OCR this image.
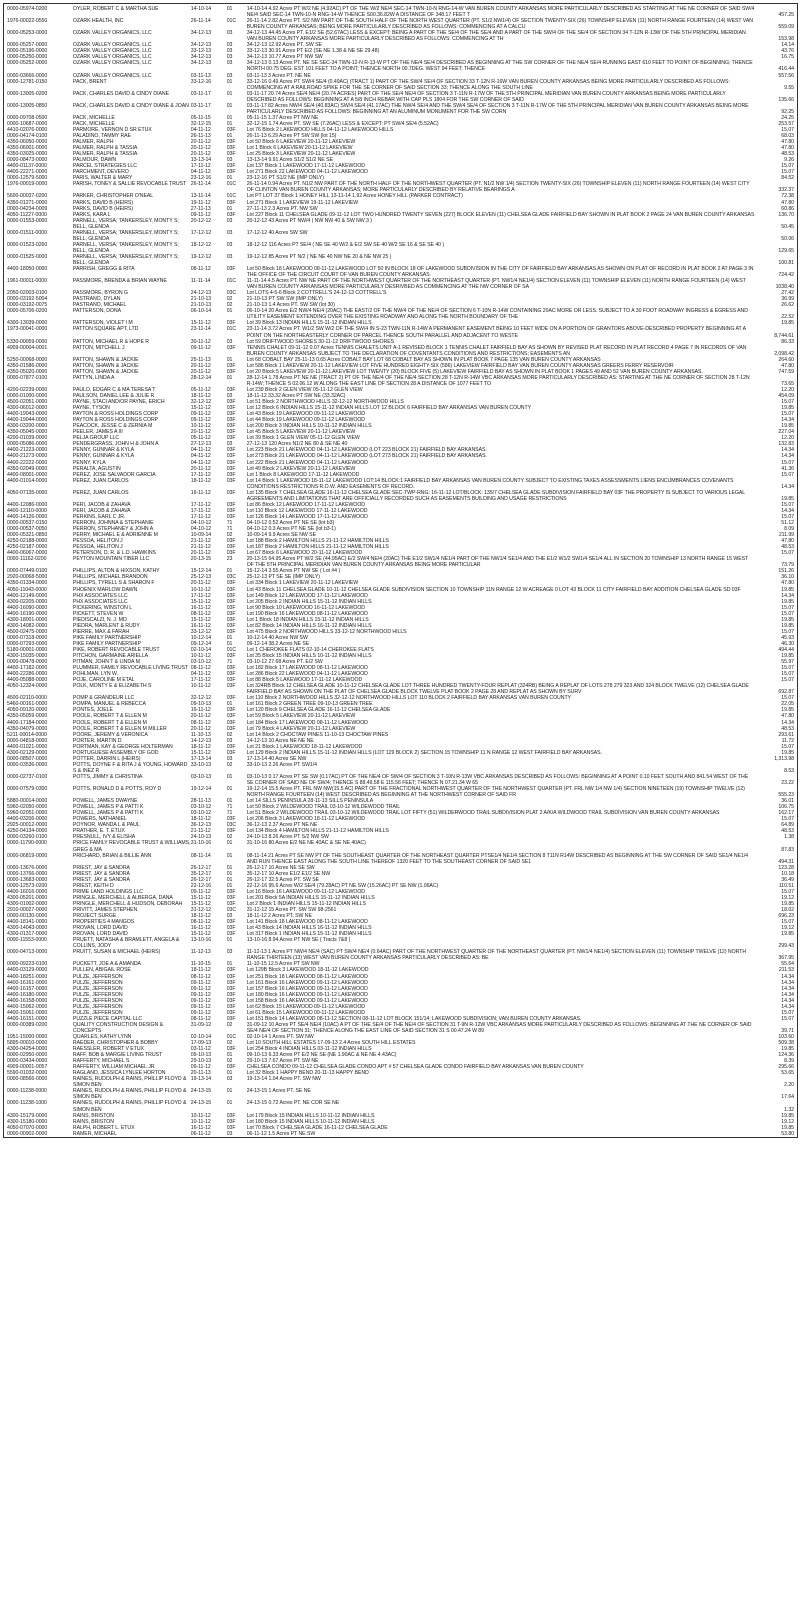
0000-05974-0200	OYLER, ROBERT C & MARTHA SUE	14-10-14	01	14-10-14 4.92 Acres PT W/2 NE (4.92AC) PT OF THE W/2 NE/4 SEC-14 TWN-10-N RNG-14-W VAN BUREN COUNTY ARKANSAS MORE PARTICULARLY DESCRIBED AS STARTING AT THE NE CORNER OF SAID SW/4 NE/4 SAID SEC-14 TWN-10-N RNG-14-W THENCE S00.36.82W A DISTANCE OF 348.17 FEET T	457.25
1976-00022-0550	OZARK HEALTH, INC	26-11-14	01C	26-11-14 2.82 Acres PT. S/2 NW PART OF THE SOUTH HALF OF THE NORTH WEST QUARTER (PT. S1/2 NW1/4) OF SECTION TWENTY-SIX (26) TOWNSHIP ELEVEN (11) NORTH RANGE FOURTEEN (14) WEST VAN BUREN COUNTY ARKANSAS; BEING MORE PARTICULARLY DESCRIBED AS FOLLOWS: COMMENCING AT A CALCU	559.09
0000-05253-0000	OZARK VALLEY ORGANICS, LLC	34-12-13	03	34-12-13 44.45 Acres PT. E1/2 SE (52.67AC) LESS & EXCEPT: BEING A PART OF THE SE/4 OF THE SE/4 AND A PART OF THE SW/4 OF THE SE/4 OF SECTION 34 T-12N R-13W OF THE 5TH PRINCIPAL MERIDIAN VAN BUREN COUNTY ARKANSAS MORE PARTICULARLY DESCRIBED AS FOLLOWS: COMMENCING AT TH	153.98
0000-05257-0000	OZARK VALLEY ORGANICS, LLC	34-12-13	03	34-12-13 12.92 Acres PT. SW SE	14.14
0000-05196-0000	OZARK VALLEY ORGANICS, LLC	33-12-13	03	33-12-13 30.91 Acres PT E/2 (SE NE 1.38 & NE SE 29.48)	43.76
0000-05250-0000	OZARK VALLEY ORGANICS, LLC	34-12-13	03	34-12-13 10.77 Acres PT NW SW	16.75
0000-05252-0000	OZARK VALLEY ORGANICS, LLC	34-12-13	03	34-12-13 0.13 Acres PT. NE SE SEC-34 TWN-12-N R-13-W PT OF THE NE/4 SE/4 DESCRIBED AS BEGINNING AT THE SW CORNER OF THE NE/4 SE/4 RUNNING EAST 610 FEET TO POINT OF BEGINNING; THENCE NORTH 00.75 DEG. EST 101 FEET TO A POINT; THENCE NORTH 00.7DEG. WEST 94 FEET; THENCE	416.44
0000-03666-0000	OZARK VALLEY ORGANICS, LLC	03-11-13	03	03-11-13 3 Acres PT. NE NE	557.56
0000-12781-0150	PACK, BRENT	33-12-16	01	33-12-16 0.49 Acres PT SW/4 SE/4 (0.49AC) (TRACT 1) PART OF THE SW/4 SE/4 OF SECTION 33 T-12N R-16W VAN BUREN COUNTY ARKANSAS BEING MORE PARTICULARLY DESCRIBED AS FOLLOWS: COMMENCING AT A RAILROAD SPIKE FOR THE SE CORNER OF SAID SECTION 33; THENCE ALONG THE SOUTH LINE	9.55
0000-13005-0200	PACK, CHARLES DAVID & CINDY DIANE	03-11-17	01	03-11-17 20.74 Acres SE/4 NE/4 (20.74 ACRES) PART OF THE SE/4 NE/4 OF SECTION 3 T-11N R-17W OF THE 5TH PRINCIPAL MERIDIAN VAN BUREN COUNTY ARKANSAS BEING MORE PARTICULARLY DESCRIBED AS FOLLOWS: BEGINNING AT A 5/8 INCH REBAR WITH CAP PLS 1804 FOR THE SW CORNER OF SAID	135.66
0000-13005-0850	PACK, CHARLES DAVID & CINDY DIANE & JOAN 03-11-17	01	03-11-17 82 Acres NW/4 SE/4 (40.83AC) SW/4 SE/4 (41.17AC) THE NW/4 SE/4 AND THE SW/4 SE/4 OF SECTION 3 T-11N R-17W OF THE 5TH PRINCIPAL MERIDIAN VAN BUREN COUNTY ARKANSAS BEING MORE PARTICULARLY DESCRIBED AS FOLLOWS: BEGINNING AT AN ALUMINUM MONUMENT FOR THE SW CORN	92.25
0000-09708-0500	PACK, MICHELLE	05-11-15	01	05-11-15 1.37 Acres PT NW NE	24.25
0000-10687-0000	PACK, MICHELLE	32-12-15	01	32-12-15 1.74 Acres PT. SW SE (7.26AC) LESS & EXCEPT: PT SW/4 SE/4 (5.52AC)	253.57
4410-02076-0000	PARMORE, VERNON D SR ETUX	04-11-12	03F	Lot 76 Block 2 LAKEWOOD HILLS 04-11-12 LAKEWOOD HILLS	15.07
0000-04174-0100	PALADINO, TAMMY RAE	26-11-13	01	26-11-13 6.29 Acres PT SW SW (lot 15)	68.03
4350-06050-0000	PALMER, RALPH	20-11-12	03F	Lot 50 Block 6 LAKEVIEW 20-11-12 LAKEVIEW	47.80
4350-06001-0000	PALMER, RALPH & TASSIA	20-11-12	03F	Lot 1 Block 6 LAKEVIEW 20-11-12 LAKEVIEW	47.80
4350-03025-0000	PALMER, RALPH & TASSIA	20-11-12	03F	Lot 25 Block 3 LAKEVIEW 20-11-12 LAKEVIEW	48.53
0000-08473-0000	PALMOUR, DAWN	13-13-14	03	13-13-14 9.91 Acres S1/2 S1/2 NE SE	9.26
4400-01137-0000	PARCEL STRATEGIES LLC	17-11-12	03F	Lot 137 Block 1 LAKEWOOD 17-11-12 LAKEWOOD	15.07
4400-22271-0000	PARCHMENT, DEVERO	04-11-12	03F	Lot 271 Block 22 LAKEWOOD 04-11-12 LAKEWOOD	15.07
0000-12579-5000	PARIS, WALTER & MARY	23-12-16	01	23-12-16 PT S1/2 NE (IMP ONLY)	84.52
1976-00019-0000	PARISH, TONEY & SALLIE REVOCABLE TRUST 26-11-14	01C	26-11-14 0.94 Acres PT. N1/2 NW PART OF THE NORTH HALF OF THE NORTHWEST QUARTER (PT. N1/2 NW 1/4) SECTION TWENTY-SIX (26) TOWNSHIP ELEVEN (11) NORTH RANGE FOURTEEN (14) WEST CITY OF CLINTON VAN BUREN COUNTY ARKANSAS; MORE PARTICULARLY DESCRIBED BY RELATIVE BEARINGS A	332.37
5600-00037-0200	PARKER, CHRISTOPHER O'NEAL	13-11-14	01C	Lot PT LOT 37 Block 1 HONEY HILL 13-11-14 1.92 Acres HONEY HILL (PARKER CONTRACT)	72.38
4350-01271-0000	PARKS, DAVID B (HEIRS)	19-11-12	03F	Lot 271 Block 1 LAKEVIEW 19-11-12 LAKEVIEW	47.80
0000-04234-0009	PARKS, DAVID B (HEIRS)	27-11-13	01	27-11-13 2.3 Acres PT. NW SW	60.86
4050-11227-0000	PARKS, KARA L	09-11-12	03F	Lot 227 Block 11 CHELSEA GLADE 09-11-12 LOT TWO HUNDRED TWENTY SEVEN (227) BLOCK ELEVEN (11) CHELSEA GLADE FAIRFIELD BAY SHOWN IN PLAT BOOK 2 PAGE 24 VAN BUREN COUNTY ARKANSAS	136.70
0000-01553-0000	PARNELL, VERSA; TANKERSLEY, MONTY S; BELL, GLENDA
20-12-12	03	20-12-12 43 Acres PT NW/4 ( NW NW 40 & SW NW 3 )
50.45
0000-01511-0000	PARNELL, VERSA; TANKERSLEY, MONTY S; BELL, GLENDA
17-12-12	03	17-12-12 40 Acres SW SW
50.06
0000-01523-0260	PARNELL, VERSA; TANKERSLEY, MONTY S; BELL, GLENDA
18-12-12	03	18-12-12 116 Acres PT SE/4 ( NE SE 40 W/2 & E/2 SW SE 40 W/2 SE 16 & SE SE 40 )
129.65
0000-01525-0000	PARNELL, VERSA; TANKERSLEY, MONTY S; BELL, GLENDA
19-12-12	03	19-12-12 85 Acres PT N/2 ( NE NE 40 NW NE 20 & NE NW 25 )
100.81
4400-18050-0000	PARRISH, GREGG & RITA	08-11-12	03F	Lot 50 Block 18 LAKEWOOD 08-11-12 LAKEWOOD LOT 50 IN BLOCK 18 OF LAKEWOOD SUBDIVISION IN THE CITY OF FAIRFIELD BAY ARKANSAS AS SHOWN ON PLAT OF RECORD IN PLAT BOOK 2 AT PAGE 3 IN THE OFFICE OF THE CIRCUIT COURT OF VAN BUREN COUNTY ARKANSAS.	724.42
1961-00011-0000	PASSMORE, BRENDA & BRIAN WAYNE	11-11-14	01C	11-11-14 4.5 Acres PT. NW NE PART OF THE NORTHWEST QUARTER OF THE NORTHEAST QUARTER (PT. NW1/4 NE1/4) SECTION ELEVEN (11) TOWNSHIP ELEVEN (11) NORTH RANGE FOURTEEN (14) WEST VAN BUREN COUNTY ARKANSAS MORE PARTICULARLY DESRIVBED AS COMMENCING AT THE NW CORNER OF SA	1038.40
2050-02003-0100	PASSMORE, BYRON G	24-12-13	03C	Lot LOTS 4-5-6 Block 2 COTTRELL'S 24-12-13 COTTRELL'S	27.42
0000-03192-5004	PASTRANO, DYLAN	21-10-13	02	21-10-13 PT SW SW (IMP ONLY)	36.99
0000-03192-0075	PASTRANO, MICHAEL	21-10-13	02	21-10-13 1.4 Acres PT. SW SW (lot 30)	26.62
0000-05706-0200	PATTERSON, DONA	06-10-14	01	06-10-14 20 Acres E/2 NW/4 NE/4 (20AC) THE EAST/2 OF THE NW/4 OF THE NE/4 OF SECTION 6 T-10N R-14W CONTAINING 20AC MORE OR LESS. SUBJECT TO A 30 FOOT ROADWAY INGRESS & EGRESS AND UTILITY EASEMENT EXTENDING OVER THE EXISTING ROADWAY AND ALONG THE NORTH BOUNDARY OF THE	22.52
4300-13039-0000	PATTERSON, VIOLET I M	15-11-12	03F	Lot 39 Block 13 INDIAN HILLS 15-11-12 INDIAN HILLS	19.85
1973-00041-0000	PATTON SQUARE APT, LTD	23-11-14	01C	23-11-14 3.72 Acres PT. W1/2 SW W/2 OF THE SW/4 IN S-23 TWN-11N R-14W A PERMANENT EASEMENT BEING 10 FEET WIDE ON A PORTION OF GRANTORS ABOVE-DESCRIBED PROPERTY BEGINNING AT A POINT ON THE NORTHEASTERLY CORNER OF PARCEL THENCE SOUTH PARALLEL AND ADJACENT TO WESTE	8,744.61
5330-00059-0000	PATTON, MICHAEL R & HOPE R	30-11-12	03	Lot 59 DRIFTWOOD SHORES 30-11-12 DRIFTWOOD SHORES	86.33
4909-00004-0001	PATTON, MITCHELL J	09-11-12	03F	TENNIS CHALET 09-11-12 0.07 Acres TENNIS CHALETS UNIT A-1 REVISED BLOCK 1 TENNIS CHALET FAIRFIELD BAY AS SHOWN BY REVISED PLAT RECORD IN PLAT RECORD 4 PAGE 7 IN RECORDS OF VAN BUREN COUNTY ARKANSAS SUBJECT TO THE DECLARATION OF COVENTANTS CONDITIONS AND RESTRICTIONS; EASEMENTS AN	2,098.42
5250-00068-0000	PATTON, SHAWN & JACKIE	25-11-13	01	Lot 68 COBALT BAY 25-11-13 0.65 Acres COBALT BAY LOT 68 COBALT BAY AS SHOWN IN PLAT BOOK 7 PAGE 135 VAN BUREN COUNTY ARKANSAS	264.60
4350-01586-0000	PATTON, SHAWN & JACKIE	20-11-12	03F	Lot 586 Block 1 LAKEVIEW 20-11-12 LAKEVIEW LOT FIVE HUNDRED EIGHTY-SIX (586) LAKEVIEW FAIRFIELD BAY VAN BUREN COUNTY ARKANSAS GREERS FERRY RESERVOIR	47.80
4350-05020-0000	PATTON, SHAWN & JACKIE	20-11-12	03F	Lot 20 Block 5 LAKEVIEW 20-11-12 LAKEVIEW LOT TWENTY (20) BLOCK FIVE (5) LAKEVIEW FAIRFIELD BAY AS SHOWN IN PLAT BOOK 1 PAGES 49 AND 52 VAN BUREN COUNTY ARKANSAS.	747.59
0000-07877-0100	PATTYN, LINDA A	28-12-14	01	28-12-14 1.78 Acres PT NE NE (TRACT 2) PT OF THE NE/4 OF THE NE/4 SECTION 28 T-12N R-14W VBC ARKANSAS MORE PARTICULARLY DESCRIBED AS: STARTING AT THE NE CORNER OF SECTION 28 T-12N R-14W; THENCE S 02.06.12 W ALONG THE EAST LINE OF SECTION 28 A DISTANCE OF 1077 FEET TO	73.65
4200-02239-0000	PAULO, EDGAR C & MA TERESA T	05-11-12	03F	Lot 239 Block 2 GLEN VIEW 05-11-12 GLEN VIEW	12.20
0000-01000-0000	PAULSON, DANIEL LEE & JULIE R	18-11-12	03	18-11-12 33.32 Acres PT SW NE (33.32AC)	454.09
4500-02051-0000	PAYNE, STACI AND/OR PAYNE, ERICH	32-12-12	03F	Lot 51 Block 2 NORTHWOOD HILLS 32-12-12 NORTHWOOD HILLS	15.07
4300-06012-0000	PAYNE, TYSON	15-11-12	03F	Lot 12 Block 6 INDIAN HILLS 15-11-12 INDIAN HILLS LOT 12 BLOCK 6 FAIRFIELD BAY ARKANSAS VAN BUREN COUNTY	19.85
4400-19043-0000	PAYTON & ROSS HOLDINGS CORP	09-11-12	03F	Lot 43 Block 19 LAKEWOOD 09-11-12 LAKEWOOD	15.07
4400-19044-0000	PAYTON & ROSS HOLDINGS CORP	09-11-12	03F	Lot 44 Block 19 LAKEWOOD 09-11-12 LAKEWOOD	14.34
4300-03200-0000	PEACOCK, JESSE C & ZERNIA M	10-11-12	03F	Lot 200 Block 3 INDIAN HILLS 10-11-12 INDIAN HILLS	19.85
4350-05045-0000	PEELER, JAMES A III	20-11-12	03F	Lot 45 Block 5 LAKEVIEW 20-11-12 LAKEVIEW	227.04
4200-01039-0000	PELJA GROUP LLC	05-11-12	03F	Lot 39 Block 1 GLEN VIEW 05-11-12 GLEN VIEW	12.20
0000-05086-0000	PENDERGRASS, JOHN H & JOHN A	27-12-13	03	27-12-13 120 Acres N1/2 NE 80 & SE NE 40	132.83
4400-21223-0000	PENNY, GUNNAR & KYLA	04-11-12	03F	Lot 223 Block 21 LAKEWOOD 04-11-12 LAKEWOOD (LOT 223 BLOCK 21) FAIRFIELD BAY ARKANSAS.	14.34
4400-21273-0000	PENNY, GUNNAR & KYLA	04-11-12	03F	Lot 273 Block 21 LAKEWOOD 04-11-12 LAKEWOOD (LOT 273 BLOCK 21) FAIRFIELD BAY ARKANSAS.	14.34
4400-22222-0000	PENNY, KYLA	04-11-12	03F	Lot 222 Block 21 LAKEWOOD 04-11-12 LAKEWOOD	15.07
4350-02049-0000	PERALTA, AGUSTIN	20-11-12	03F	Lot 49 Block 2 LAKEVIEW 20-11-12 LAKEVIEW	41.36
4400-08001-0000	PEREZ, JOSE SALVADOR GARCIA	17-11-12	03F	Lot 1 Block 8 LAKEWOOD 17-11-12 LAKEWOOD	15.07
4400-01014-0000	PEREZ, JUAN CARLOS	18-11-12	03F	Lot 14 Block 1 LAKEWOOD 18-11-12 LAKEWOOD LOT:14 BLOCK:1 FAIRFIELD BAY ARKANSAS VAN BUREN COUNTY SUBJECT TO EXISTING TAXES ASSESSMENTS LIENS ENCUMBRANCES COVENANTS CONDITIONS RESTRICTIONS R.O.W. AND EASEMENTS OF RECORD.	14.34
4050-07135-0000	PEREZ, JUAN CARLOS	16-11-12	03F	Lot 135 Block 7 CHELSEA GLADE 16-11-12 CHELSEA GLADE SEC-TWP-RNG: 16-11-12 LOT/BLOCK: 135/7 CHELSEA GLADE SUBDIVISION FAIRFIELD BAY 03F THE PROPERTY IS SUBJECT TO VARIOUS LEGAL AGREEMENTS AND LIMITATIONS THAT ARE OFFICIALLY RECORDED SUCH AS EASEMENTS BUILDING AND USAGE RESTRICTIONS	19.85
4400-12086-0000	PERI, JACOB & ZAHAVA	17-11-12	03F	Lot 86 Block 12 LAKEWOOD 17-11-12 LAKEWOOD	15.07
4400-12110-0000	PERI, JACOB & ZAHAVA	17-11-12	03F	Lot 110 Block 12 LAKEWOOD 17-11-12 LAKEWOOD	14.34
4400-14126-0000	PERKINS, EARL C JR.	17-11-12	03F	Lot 126 Block 14 LAKEWOOD 17-11-12 LAKEWOOD	15.07
0000-00537-0150	PERRON, JOHNNA & STEPHANIE	04-10-12	71	04-10-12 0.52 Acres PT NE SE (lot b3)	51.12
0000-00537-0050	PERRON, STEPHANEY & JOHN A	04-10-12	71	04-10-12 0.3 Acres PT NE SE (lot b3-1)	8.09
0000-05321-0850	PERRY, MICHAEL E & ADRIENNE M	10-09-14	02	10-09-14 9.9 Acres SE NW SE	211.99
4250-02188-0000	PESSOA, HELITON J	21-11-12	03F	Lot 188 Block 2 HAMILTON HILLS 21-11-12 HAMILTON HILLS	47.80
4250-02187-0000	PESSOA, HELITON J	21-11-12	03F	Lot 187 Block 2 HAMILTON HILLS 21-11-12 HAMILTON HILLS	48.53
4400-06067-0000	PETERSON, D. R. & L.D. HAWKINS	20-11-12	03F	Lot 67 Block 6 LAKEWOOD 20-11-12 LAKEWOOD	15.07
0000-11162-0200	PEYTON MOUNTAIN TIBER LLC	20-13-15	23	20-13-15 64.95 Acres PT W/2 SE (44.95AC) E/2 SW/4 NE/4 (20AC) THE E1/2 SW1/4 NE1/4 PART OF THE NW1/4 SE1/4 AND THE E1/2 W1/2 SW1/4 SE1/4 ALL IN SECTION 20 TOWNSHIP 13 NORTH RANGE 15 WEST OF THE 5TH PRINCIPAL MERIDIAN VAN BUREN COUNTY ARKANSAS BEING MORE PARTICULAR	73.79
0000-07449-0100	PHILLIPS, ALTON & HIXSON, KATHY	15-12-14	01	15-12-14 3.55 Acres PT NW SE ( Lot #4 )	151.26
2920-00068-5000	PHILLIPS, MICHAEL BRANDON	25-12-13	03C	25-12-13 PT SE SE (IMP ONLY)	36.10
4350-01334-0000	PHILLIPS, TYRELL S & SHARON F	20-11-12	03F	Lot 334 Block 1 LAKEVIEW 20-11-12 LAKEVIEW	47.80
4050-11043-0000	PHOENIX MARLOW DAWN	10-11-12	03F	Lot 43 Block 11 CHELSEA GLADE 10-11-12 CHELSEA GLADE SUBDIVISION SECTION 10 TOWNSHIP 11N RANGE 12 W ACREAGE 0 LOT 43 BLOCK 11 CITY FAIRFIELD BAY ADDITION CHELSEA GLADE SD 03F	19.85
4400-12149-0000	PHX ASSOCIATES LLC	17-11-12	03F	Lot 149 Block 12 LAKEWOOD 17-11-12 LAKEWOOD	14.34
4300-02205-0000	PHX ASSOCIATES LLC	15-11-12	03F	Lot 205 Block 2 INDIAN HILLS 15-11-12 INDIAN HILLS	19.85
4400-16090-0000	PICKERING, WINSTON L	16-11-12	03F	Lot 90 Block 10 LAKEWOOD 16-11-12 LAKEWOOD	15.07
4400-16190-0000	PICKETT, STEVEN W	08-11-12	03F	Lot 190 Block 16 LAKEWOOD 08-11-12 LAKEWOOD	15.07
4300-18001-0000	PIEDISCALZI, N. J. MD	15-11-12	03F	Lot 1 Block 18 INDIAN HILLS 15-11-12 INDIAN HILLS	19.85
4300-14082-0000	PIEDRA, MARLENT & RUDY	16-11-12	03F	Lot 82 Block 14 INDIAN HILLS 16-11-12 INDIAN HILLS	19.85
4500-02475-0000	PIERRE, MAX & FARAH	33-12-12	03F	Lot 475 Block 2 NORTHWOOD HILLS 33-12-12 NORTHWOOD HILLS	15.07
0000-07318-0000	PIKE FAMILY PARTNERSHIP	10-12-14	01	10-12-14 40 Acres NW SW	45.93
0000-07293-0000	PIKE FAMILY PARTNERSHIP	09-12-14	01	09-12-14 38.2 Acres NE SE	46.30
5180-00001-0000	PIKE, ROBERT REVOCABLE TRUST	02-10-14	01C	Lot 1 CHEROKEE FLATS 02-10-14 CHEROKEE FLATS	494.44
4300-15035-0000	PITCHON, GARMAINE ARIELLA	10-11-12	03F	Lot 35 Block 15 INDIAN HILLS 10-11-12 INDIAN HILLS	19.85
0000-00478-0000	PITMAN, JOHN T & LINDA M	03-10-12	71	03-10-12 27.68 Acres PT. E/2 SW	55.97
4400-17182-0000	PLUMMER, FAMILY REVOCABLE LIVING TRUST 08-11-12	03F	Lot 182 Block 17 LAKEWOOD 08-11-12 LAKEWOOD	15.07
4400-22286-0000	POHLMAN, LYN W.	04-11-12	03F	Lot 286 Block 22 LAKEWOOD 04-11-12 LAKEWOOD	15.07
4400-05088-0000	POJE, CAROLINE M ETAL	17-11-12	03F	Lot 88 Block 5 LAKEWOOD 17-11-12 LAKEWOOD	15.07
4050-12324-0000	POLK, MONTY E & ELIZABETH S	10-11-12	03F	Lot 324RB Block 12 CHELSEA GLADE 10-11-12 CHELSEA GLADE LOT THREE HUNDRED TWENTY-FOUR REPLAT (324RB) BEING A REPLAT OF LOTS 278 279 323 AND 324 BLOCK TWELVE (12) CHELSEA GLADE FAIRFIELD BAY AS SHOWN ON THE PLAT OF CHELSEA GLADE BLOCK TWELVE PLAT BOOK 2 PAGE 28 AND REPLAT AS SHOWN BY SURV	692.87
4500-02110-0000	POMP & GRANDEUR LLC	32-12-12	03F	Lot 110 Block 2 NORTHWOOD HILLS 32-12-12 NORTHWOOD HILLS LOT 110 BLOCK 2 FAIRFIELD BAY ARKANSAS VAN BUREN COUNTY	15.07
5460-00161-0000	POMPA, MANUEL & REBECCA	09-10-13	01	Lot 161 Block 2 GREEN TREE 09-10-13 GREEN TREE	22.05
4050-09120-0000	PONTES, JOELE	16-11-12	03F	Lot 120 Block 9 CHELSEA GLADE 16-11-12 CHELSEA GLADE	19.85
4350-05059-0000	POOLE, ROBERT T & ELLEN M	20-11-12	03F	Lot 59 Block 5 LAKEVIEW 20-11-12 LAKEVIEW	47.80
4400-17184-0000	POOLE, ROBERT T & ELLEN M	08-11-12	03F	Lot 184 Block 17 LAKEWOOD 08-11-12 LAKEWOOD	14.34
4350-04079-0000	POOLE, ROBERT T & ELLEN M MILLER	20-11-12	03F	Lot 79 Block 4 LAKEVIEW 20-11-12 LAKEVIEW	48.53
5211-00014-0000	POORE, JEREMY & VERONICA	11-10-13	02	Lot 14 Block 2 CHOCTAW PINES 11-10-13 CHOCTAW PINES	293.61
0000-04818-0000	PORTER, MARTIN D	14-12-13	03	14-12-13 10 Acres NE NE NE	11.72
4400-01021-0000	PORTMAN, KAY & GEORGE HOLTERMAN	18-11-12	03F	Lot 21 Block 1 LAKEWOOD 18-11-12 LAKEWOOD	15.07
4300-02129-0000	PORTUGUESE ASSEMBLY OF GOD	15-11-12	03F	Lot 129 Block 2 INDIAN HILLS 15-11-12 INDIAN HILLS (LOT 129 BLOCK 2) SECTION 15 TOWNSHIP 11 N RANGE 12 WEST FAIRFIELD BAY ARKANSAS.	19.85
0000-08507-0000	POTTER, DARRIN L (HEIRS)	17-13-14	03	17-13-14 40 Acres SE NW	1,313.98
0000-03536-0000	POTTS, DOYNE F & RITA J & YOUNG, HOWARD S & INEZ R
33-10-13	02	33-10-13 2.26 Acres PT SW1/4
8.53
0000-02737-0100	POTTS, JIMMY & CHRISTINA	03-10-13	01	03-10-13 0.17 Acres PT SE SW (0.17AC) PT OF THE NE/4 OF SW/4 OF SECTION 3 T-10N R-13W VBC ARKANSAS DESCRIBED AS FOLLOWS: BEGINNING AT A POINT 0.10 FEET SOUTH AND 841.54 WEST OF THE SE CORNER OF SAID NE OF SW/4; THENCE S 88.49.58 E 115.56 FEET; THENCE N 07.21.34 W 65	23.22
0000-07579-0300	POTTS, RONALD D & POTTS, ROY D	19-12-14	01	19-12-14 15.5 Acres PT. FRL NW NW(15.5 AC) PART OF THE FRACTIONAL NORTHWEST QUARTER OF THE NORTHWEST QUARTER (PT. FRL NW 1/4 NW 1/4) SECTION NINETEEN (19) TOWNSHIP TWELVE (12) NORTH RANGE FOURTEEN (14) WEST DESCRIBED AS BEGINNING AT THE NORTHWEST CORNER OF SAID FR	555.23
5880-00014-0000	POWELL, JAMES DWAYNE	28-11-13	01	Lot 14 SILLS PENINSULA 28-11-13 SILLS PENINSULA	36.01
5960-02050-0000	POWELL, JAMES P & PATTI K	03-10-12	71	Lot 50 Block 2 WILDEWOOD TRAIL 03-10-12 WILDEWOOD TRAIL	106.75
5960-02051-0000	POWELL, JAMES P & PATTI K	03-10-12	71	Lot 51 Block 2 WILDEWOOD TRAIL 03-10-12 WILDEWOOD TRAIL LOT FIFTY (51) WILDERWOOD TRAIL SUBDIVISION PLAT 2 A/K/A WILDWOOD TRAIL SUBDIVISION VAN BUREN COUNTY ARKANSAS	162.17
4400-03206-0000	POWERS, NATHANIEL	18-11-12	03F	Lot 206 Block 3 LAKEWOOD 18-11-12 LAKEWOOD	15.07
2925-00012-0000	POYNOR, WANDA L & PAUL	36-12-13	03C	36-12-13 2.37 Acres PT NE NE	64.89
4250-04134-0000	PRATHER, E. T. ETUX	21-11-12	03F	Lot 134 Block 4 HAMILTON HILLS 21-11-12 HAMILTON HILLS	48.53
0000-03260-0100	PRESNULL, IVY & ELISHA	24-10-13	02	24-10-13 8.26 Acres PT S/2 NW SW	1.38
0000-11790-0000	PRICE FAMILY REVOCABLE TRUST & WILLIAMS, GREG & MA
31-10-16	01	31-10-16 80 Acres E/2 NE NE 40AC & SE NE 40AC)
87.83
0000-06819-0000	PRICHARD, BRIAN & BILLIE ANN	08-11-14	01	08-11-14 21 Acres PT SE NW PT OF THE SOUTHEAST QUARTER OF THE NORTHEAST QUARTER PTSE1/4 NE1/4 SECTION 8 T11N R14W DESCRIBED AS BEGINNING AT THE SW CORNER OF SAID SE1/4 NE1/4 AND RUN THENCE EAST ALONG THE SOUTH LINE THEREOF 1320 FEET TO THE SOUTHEAST CORNER OF SAID SE1	494.31
0000-13676-0000	PRIEST, JAY & SANDRA	26-12-17	01	26-12-17 10 Acres NE SE SW	123.28
0000-13766-0000	PRIEST, JAY & SANDRA	35-12-17	01	35-12-17 10 Acres E1/2 E1/2 SE NW	10.18
0000-13683-0000	PRIEST, JAY & SANDRA	26-12-17	01	26-12-17 32.5 Acres PT. SW SE	36.49
0000-12573-0200	PRIEST, KEITH D	22-12-16	01	22-12-16 95.6 Acres W/2 SE/4 (79.28AC) PT NE SW (15.26AC) PT SE NW (1.06AC)	110.51
4400-16016-0000	PRIME LAND HOLDINGS LLC	09-11-12	03F	Lot 16 Block 16 LAKEWOOD 09-11-12 LAKEWOOD	15.07
4300-05201-0000	PRINGLE, MERCHELL & ALBERGA, DANA	15-11-12	03F	Lot 201 Block 5A INDIAN HILLS 15-11-12 INDIAN HILLS	19.12
4300-01002-0000	PRINGLE, MERCHELL & HUDSON, DEBORAH	15-11-12	03F	Lot 2 Block 1 INDIAN HILLS 15-11-12 INDIAN HILLS	19.85
2910-00027-0000	PRIVITT, JAMES STEPHEN	31-12-12	03C	31-12-12 15 Acres PT. SW SW 98-2561	18.02
0000-00130-0000	PROJECT SURGE	18-11-12	03	18-11-12 2 Acres PT. SW NE	696.23
4400-18141-0000	PROPERTIES 4 MANGOS	08-11-12	03F	Lot 141 Block 18 LAKEWOOD 08-11-12 LAKEWOOD	15.07
4300-14043-0000	PROVAN, LORD DAVID	16-11-12	03F	Lot 43 Block 14 INDIAN HILLS 16-11-12 INDIAN HILLS	19.12
4300-01317-0000	PROVAN, LORD DAVID	15-11-12	03F	Lot 317 Block 1 INDIAN HILLS 15-11-12 INDIAN HILLS	19.85
0000-11553-0000	PRUETT, NATASHA & BRAMLETT, ANGELA & COLLINS, JODY
13-10-16	01	13-10-16 8.94 Acres PT NW SE ( Tracts 7&8 )
299.43
0000-04713-0000	PRUITT, SUSAN & MICHAEL (HEIRS)	11-12-13	03	11-12-13 1 Acres PT NW/4 NE/4 (SAC) PT SW/4 NE/4 (0.64AC) PART OF THE NORTHWEST QUARTER OF THE NORTHEAST QUARTER (PT. NW1/4 NE1/4) SECTION ELEVEN (11) TOWNSHIP TWELVE (12) NORTH RANGE THIRTEEN (13) WEST VAN BUREN COUNTY ARKANSAS PARTICULARLY DESCRIBED AS: BE	367.95
0000-09223-0100	PUCKETT, JOE A & AMANDA	11-10-15	01	11-10-15 12.5 Acres PT SW NW	55.64
4400-03129-0000	PULLEN, ABIGAIL ROSE	18-11-12	03F	Lot 129B Block 3 LAKEWOOD 18-11-12 LAKEWOOD	211.53
4400-18251-0000	PULZE, JEFFERSON	08-11-12	03F	Lot 251 Block 18 LAKEWOOD 08-11-12 LAKEWOOD	14.34
4400-16161-0000	PULZE, JEFFERSON	09-11-12	03F	Lot 161 Block 16 LAKEWOOD 09-11-12 LAKEWOOD	14.34
4400-16157-0000	PULZE, JEFFERSON	09-11-12	03F	Lot 157 Block 16 LAKEWOOD 09-11-12 LAKEWOOD	14.34
4400-16180-0000	PULZE, JEFFERSON	09-11-12	03F	Lot 180 Block 16 LAKEWOOD 09-11-12 LAKEWOOD	14.34
4400-16158-0000	PULZE, JEFFERSON	09-11-12	03F	Lot 158 Block 16 LAKEWOOD 09-11-12 LAKEWOOD	14.34
4400-15062-0000	PULZE, JEFFERSON	09-11-12	03F	Lot 62 Block 15 LAKEWOOD 09-11-12 LAKEWOOD	14.34
4400-15061-0000	PULZE, JEFFERSON	09-11-12	03F	Lot 61 Block 15 LAKEWOOD 09-11-12 LAKEWOOD	15.07
4400-16151-0000	PUZZLE PIECE CAPITAL LLC	08-11-12	03F	Lot 151 Block 14 LAKEWOOD 08-11-12 SECTION 08-11-12 LOT BLOCK 151/14; LAKEWOOD SUBDIVISION; VAN BUREN COUNTY ARKANSAS.	15.07
0000-00389-0200	QUALITY CONSTRUCTION DESIGN & CONCEPTS
31-09-12	02	31-09-12 10 Acres PT SE/4 NE/4 (10AC) A PT OF THE SE/4 OF THE NE/4 OF SECTION 31 T-9N R-12W VBC ARKANSAS MORE PARTICULARLY DESCRIBED AS FOLLOWS: BEGINNING AT THE NE CORNER OF SAID SE/4 NE/4 OF SECTION 31; THENCE ALONG THE EAST LINE OF SAID SECTION 31 S 00.47.24 W 89	39.71
1951-15000-0000	QUARLES, KATHY LYNN	02-10-14	01C	02-10-14 1 Acres PT. SW NW	103.60
5895-00010-0000	RAEDER, CHRISTOPHER & BOBBY	17-09-13	02	Lot 10 SOUTH HILL ESTATES 17-09-13 2.4 Acres SOUTH HILL ESTATES	509.38
4300-04254-0000	RAESSLER, ROBERT V ETUX	03-11-12	03F	Lot 254 Block 4 INDIAN HILLS 03-11-12 INDIAN HILLS	19.85
0000-02950-0000	RAFF, BOB & MARGIE LIVING TRUST	09-10-13	01	09-10-13 6.33 Acres PT E/2 NE SE (NE 1.90AC & NE NE 4.43AC)	124.36
0000-03434-0000	RAFFERTY, MICHAEL S	29-10-13	02	29-10-13 7.67 Acres PT SW NE	8.39
4909-00001-0057	RAFFERTY, WILLIAM MICHAEL JR	09-11-12	03F	CHELSEA CONDO 09-11-12 CHELSEA GLADE CONDO APT # 57 CHELSEA GLADE CONDO FAIRFIELD BAY ARKANSAS VAN BUREN COUNTY	295.66
5590-01032-0000	RAGLAND, JESSICA LYNLEE HORTON	20-11-13	01	Lot 32 Block 1 HAPPY BEND 20-11-13 HAPPY BEND	53.65
0000-08566-0000	RAINES, RUDOLPH & RAINS, PHILLIP FLOYD & SIMON BEN
19-13-14	03	19-13-14 1.04 Acres PT. SW NW
2.20
0000-11238-0000	RAINES, RUDOLPH & RAINS, PHILLIP FLOYD & SIMON BEN
24-13-15	01	24-13-15 1 Acres PT. SE NE
17.64
0000-11238-1000	RAINES, RUDOLPH & RAINS, PHILLIP FLOYD & SIMON BEN
24-13-15	01	24-13-15 0.72 Acres PT. NE COR SE NE
1.32
4300-15179-0000	RAINS, BRISTON	10-11-12	03F	Lot 179 Block 15 INDIAN HILLS 10-11-12 INDIAN HILLS	19.85
4300-15180-0000	RAINS, BRISTON	10-11-12	03F	Lot 180 Block 15 INDIAN HILLS 10-11-12 INDIAN HILLS	19.12
4050-07070-0000	RALPH, ROBERT L. ETUX	16-11-12	03F	Lot 70 Block 7 CHELSEA GLADE 16-11-12 CHELSEA GLADE	19.85
0000-00902-0000	RAMER, MICHAEL	06-11-12	03	06-11-12 1.5 Acres PT NE SW	53.80
